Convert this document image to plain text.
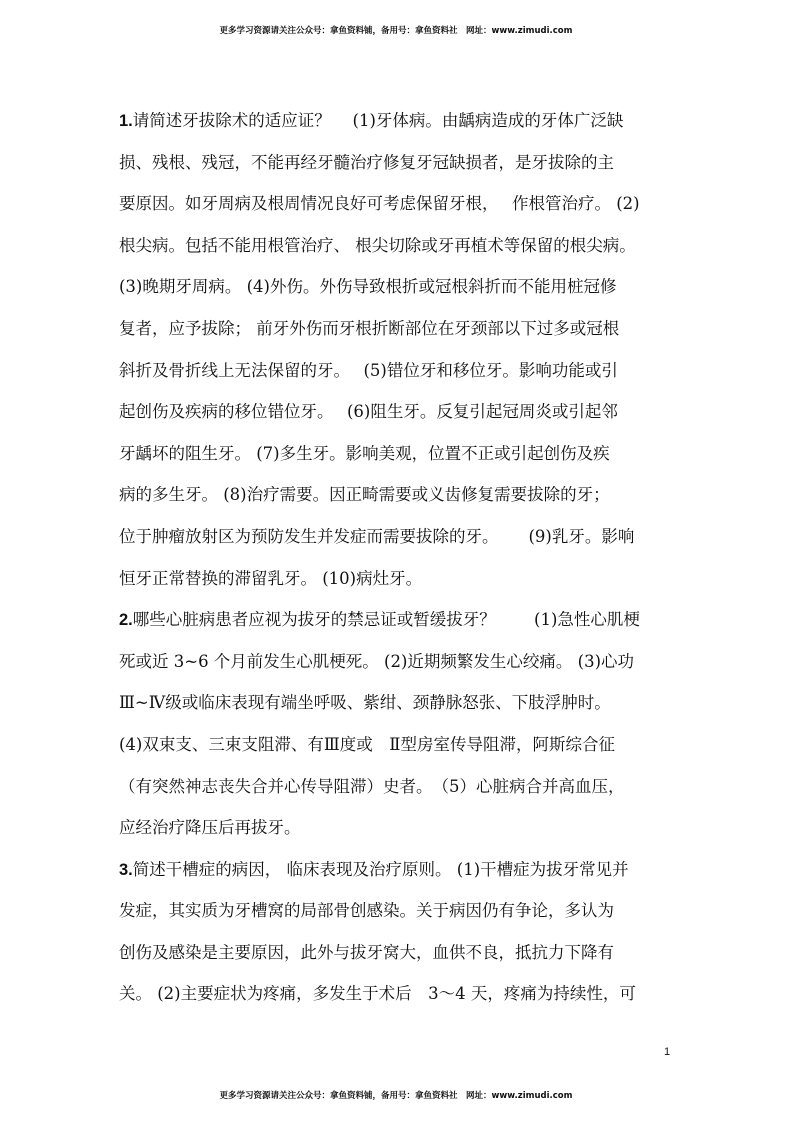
更多学习资源请关注公众号：拿鱼资料铺，备用号：拿鱼资料社　网址：www.zimudi.com
1.请简述牙拔除术的适应证？　 (1)牙体病。由龋病造成的牙体广泛缺
损、残根、残冠，不能再经牙髓治疗修复牙冠缺损者，是牙拔除的主
要原因。如牙周病及根周情况良好可考虑保留牙根，　 作根管治疗。 (2)
根尖病。包括不能用根管治疗、 根尖切除或牙再植术等保留的根尖病。
(3)晚期牙周病。 (4)外伤。外伤导致根折或冠根斜折而不能用桩冠修
复者，应予拔除； 前牙外伤而牙根折断部位在牙颈部以下过多或冠根
斜折及骨折线上无法保留的牙。　 (5)错位牙和移位牙。影响功能或引
起创伤及疾病的移位错位牙。　 (6)阻生牙。反复引起冠周炎或引起邻
牙龋坏的阻生牙。 (7)多生牙。影响美观，位置不正或引起创伤及疾
病的多生牙。 (8)治疗需要。因正畸需要或义齿修复需要拔除的牙；
位于肿瘤放射区为预防发生并发症而需要拔除的牙。　　 (9)乳牙。影响
恒牙正常替换的滞留乳牙。 (10)病灶牙。
2.哪些心脏病患者应视为拔牙的禁忌证或暂缓拔牙？　　 (1)急性心肌梗
死或近 3~6 个月前发生心肌梗死。 (2)近期频繁发生心绞痛。 (3)心功
Ⅲ~Ⅳ级或临床表现有端坐呼吸、紫绀、颈静脉怒张、下肢浮肿时。
(4)双束支、三束支阻滞、有Ⅲ度或　Ⅱ型房室传导阻滞，阿斯综合征
（有突然神志丧失合并心传导阻滞）史者。　（5）心脏病合并高血压，
应经治疗降压后再拔牙。
3.简述干槽症的病因， 临床表现及治疗原则。 (1)干槽症为拔牙常见并
发症，其实质为牙槽窝的局部骨创感染。关于病因仍有争论，多认为
创伤及感染是主要原因，此外与拔牙窝大，血供不良，抵抗力下降有
关。 (2)主要症状为疼痛，多发生于术后　3～4 天，疼痛为持续性，可
1
更多学习资源请关注公众号：拿鱼资料铺，备用号：拿鱼资料社　网址：www.zimudi.com
